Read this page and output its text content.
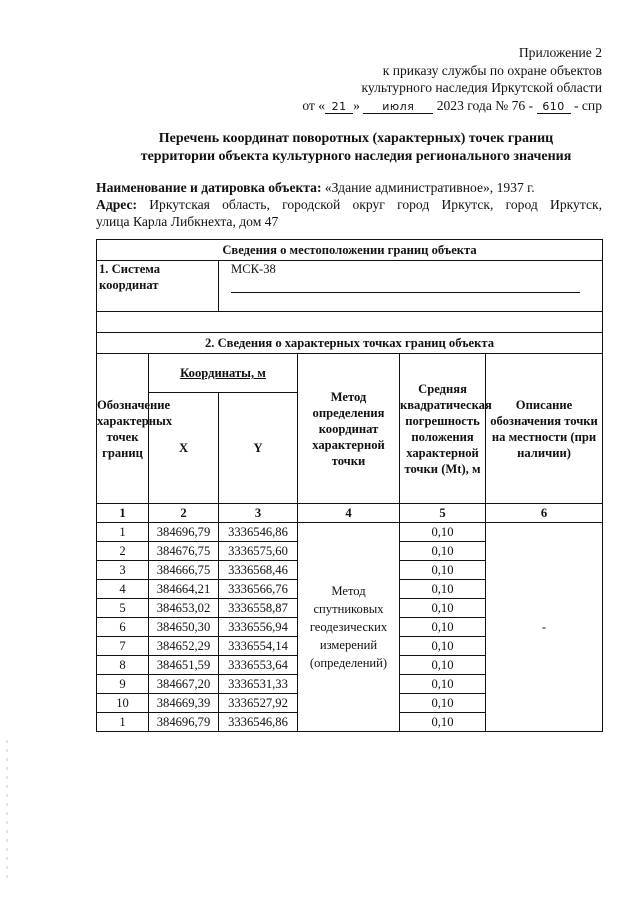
Приложение 2
к приказу службы по охране объектов
культурного наследия Иркутской области
от « 21 » июля 2023 года № 76 - 610 - спр
Перечень координат поворотных (характерных) точек границ
территории объекта культурного наследия регионального значения
Наименование и датировка объекта: «Здание административное», 1937 г.
Адрес: Иркутская область, городской округ город Иркутск, город Иркутск,
улица Карла Либкнехта, дом 47
Сведения о местоположении границ объекта					
1. Система координат		МСК-38			

2. Сведения о характерных точках границ объекта					
Обозначение характерных точек границ	Координаты, м		Метод определения координат характерной точки	Средняя квадратическая погрешность положения характерной точки (Mt), м	Описание обозначения точки на местности (при наличии)
	X	Y			
1	2	3	4	5	6
1	384696,79	3336546,86	Метод спутниковых геодезических измерений (определений)	0,10	-
2	384676,75	3336575,60		0,10	
3	384666,75	3336568,46		0,10	
4	384664,21	3336566,76		0,10	
5	384653,02	3336558,87		0,10	
6	384650,30	3336556,94		0,10	
7	384652,29	3336554,14		0,10	
8	384651,59	3336553,64		0,10	
9	384667,20	3336531,33		0,10	
10	384669,39	3336527,92		0,10	
1	384696,79	3336546,86		0,10	
